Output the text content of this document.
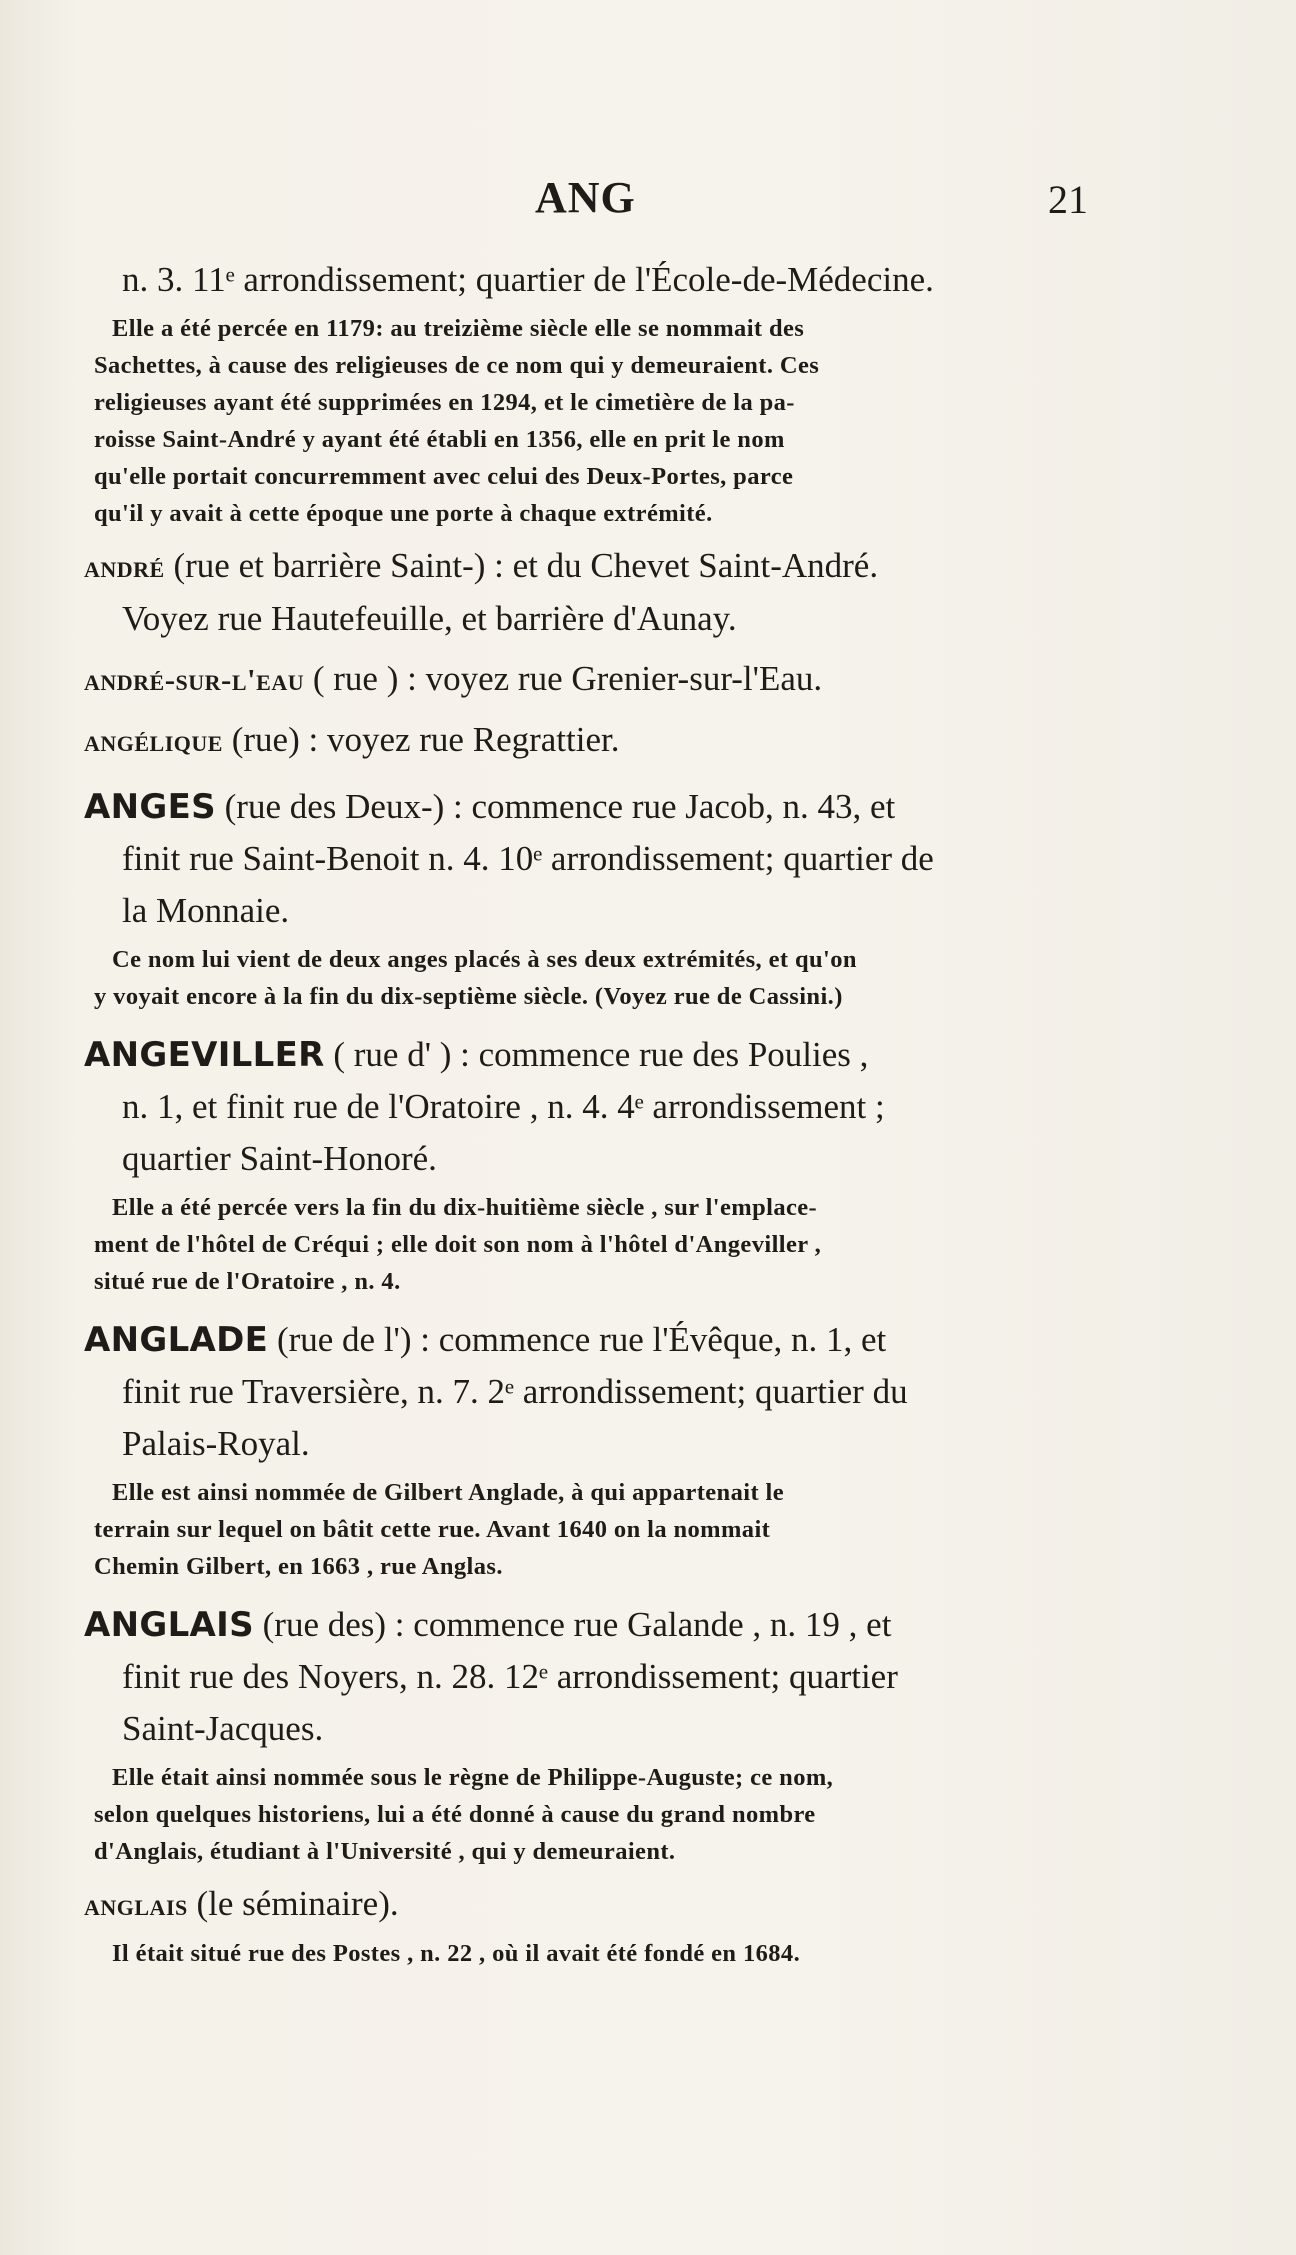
ANG	21
n. 3. 11ᵉ arrondissement; quartier de l'École-de-Médecine.
Elle a été percée en 1179: au treizième siècle elle se nommait des
Sachettes, à cause des religieuses de ce nom qui y demeuraient. Ces
religieuses ayant été supprimées en 1294, et le cimetière de la pa-
roisse Saint-André y ayant été établi en 1356, elle en prit le nom
qu'elle portait concurremment avec celui des Deux-Portes, parce
qu'il y avait à cette époque une porte à chaque extrémité.
andré (rue et barrière Saint-) : et du Chevet Saint-André.
Voyez rue Hautefeuille, et barrière d'Aunay.
andré-sur-l'eau ( rue ) : voyez rue Grenier-sur-l'Eau.
angélique (rue) : voyez rue Regrattier.
ANGES (rue des Deux-) : commence rue Jacob, n. 43, et
finit rue Saint-Benoit n. 4. 10ᵉ arrondissement; quartier de
la Monnaie.
Ce nom lui vient de deux anges placés à ses deux extrémités, et qu'on
y voyait encore à la fin du dix-septième siècle. (Voyez rue de Cassini.)
ANGEVILLER ( rue d' ) : commence rue des Poulies ,
n. 1, et finit rue de l'Oratoire , n. 4. 4ᵉ arrondissement ;
quartier Saint-Honoré.
Elle a été percée vers la fin du dix-huitième siècle , sur l'emplace-
ment de l'hôtel de Créqui ; elle doit son nom à l'hôtel d'Angeviller ,
situé rue de l'Oratoire , n. 4.
ANGLADE (rue de l') : commence rue l'Évêque, n. 1, et
finit rue Traversière, n. 7. 2ᵉ arrondissement; quartier du
Palais-Royal.
Elle est ainsi nommée de Gilbert Anglade, à qui appartenait le
terrain sur lequel on bâtit cette rue. Avant 1640 on la nommait
Chemin Gilbert, en 1663 , rue Anglas.
ANGLAIS (rue des) : commence rue Galande , n. 19 , et
finit rue des Noyers, n. 28. 12ᵉ arrondissement; quartier
Saint-Jacques.
Elle était ainsi nommée sous le règne de Philippe-Auguste; ce nom,
selon quelques historiens, lui a été donné à cause du grand nombre
d'Anglais, étudiant à l'Université , qui y demeuraient.
anglais (le séminaire).
Il était situé rue des Postes , n. 22 , où il avait été fondé en 1684.
